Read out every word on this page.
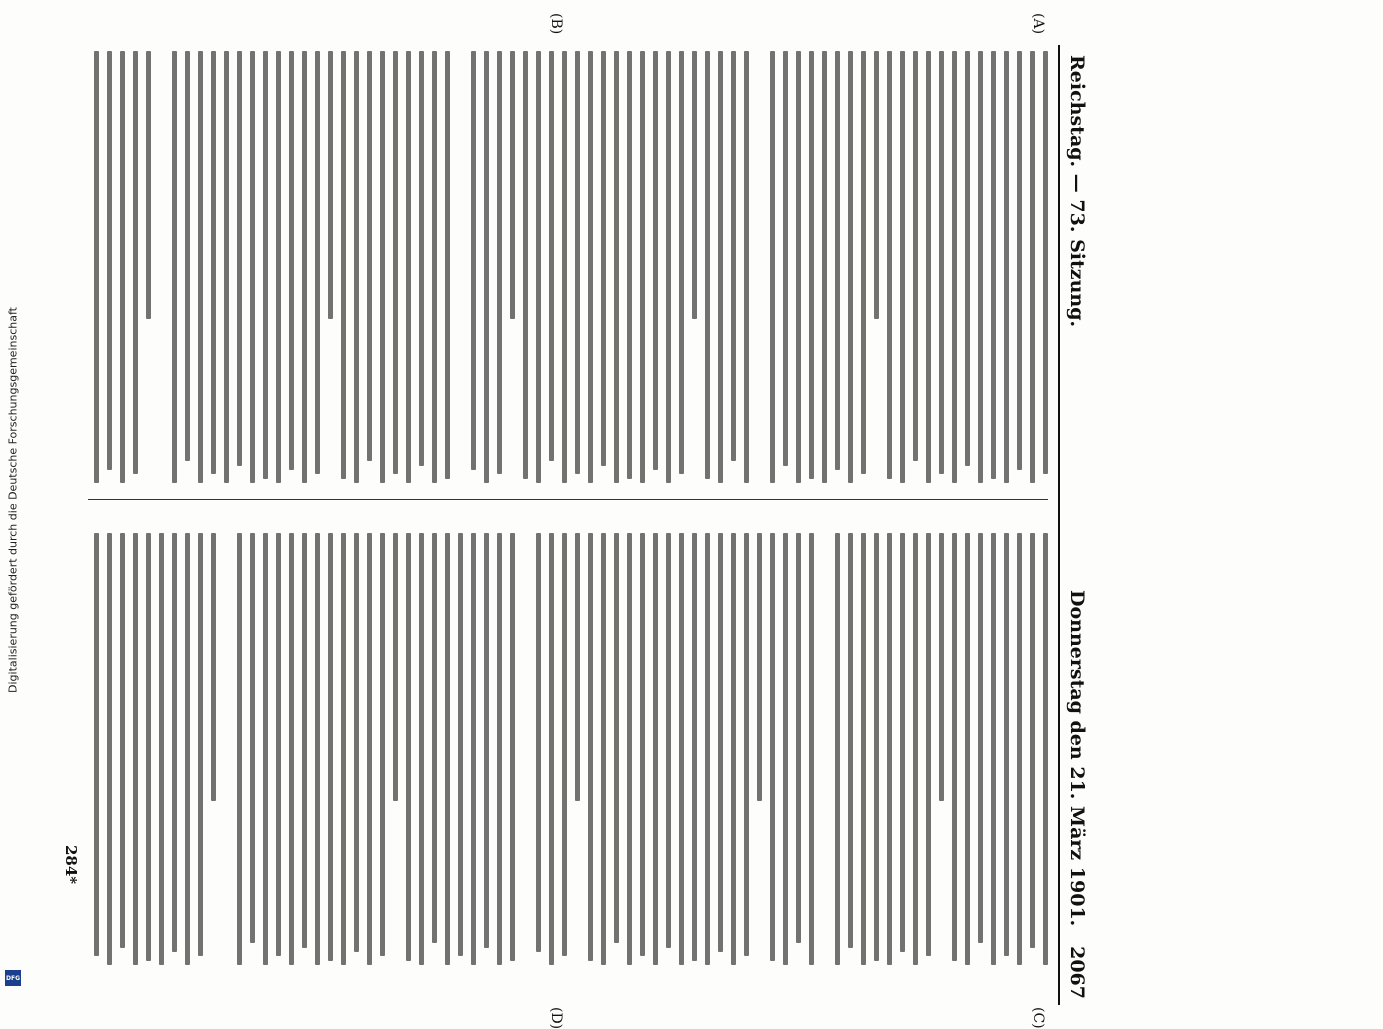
Digitalisierung gefördert durch die Deutsche Forschungsgemeinschaft
DFG
Reichstag. — 73. Sitzung.
Donnerstag den 21. März 1901.
2067
(A)
(B)
(C)
(D)
284*
